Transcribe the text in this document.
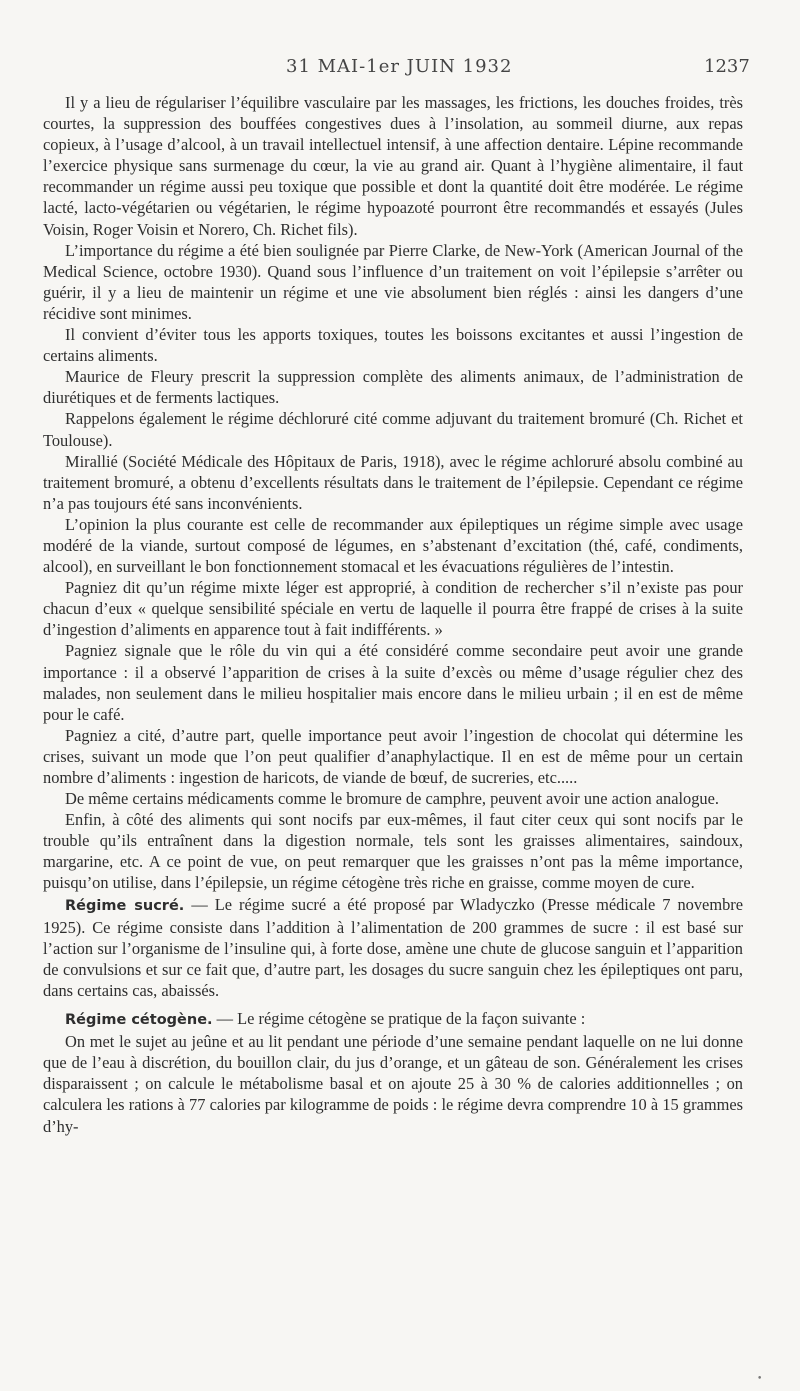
31 MAI-1er JUIN 1932	1237

Il y a lieu de régulariser l’équilibre vasculaire par les massages, les frictions, les douches froides, très courtes, la suppression des bouffées congestives dues à l’insolation, au sommeil diurne, aux repas copieux, à l’usage d’alcool, à un travail intellectuel intensif, à une affection dentaire. Lépine recommande l’exercice physique sans surmenage du cœur, la vie au grand air. Quant à l’hygiène alimentaire, il faut recommander un régime aussi peu toxique que possible et dont la quantité doit être modérée. Le régime lacté, lacto-végétarien ou végétarien, le régime hypoazoté pourront être recommandés et essayés (Jules Voisin, Roger Voisin et Norero, Ch. Richet fils).

L’importance du régime a été bien soulignée par Pierre Clarke, de New-York (American Journal of the Medical Science, octobre 1930). Quand sous l’influence d’un traitement on voit l’épilepsie s’arrêter ou guérir, il y a lieu de maintenir un régime et une vie absolument bien réglés : ainsi les dangers d’une récidive sont minimes.

Il convient d’éviter tous les apports toxiques, toutes les boissons excitantes et aussi l’ingestion de certains aliments.

Maurice de Fleury prescrit la suppression complète des aliments animaux, de l’administration de diurétiques et de ferments lactiques.

Rappelons également le régime déchloruré cité comme adjuvant du traitement bromuré (Ch. Richet et Toulouse).

Mirallié (Société Médicale des Hôpitaux de Paris, 1918), avec le régime achloruré absolu combiné au traitement bromuré, a obtenu d’excellents résultats dans le traitement de l’épilepsie. Cependant ce régime n’a pas toujours été sans inconvénients.

L’opinion la plus courante est celle de recommander aux épileptiques un régime simple avec usage modéré de la viande, surtout composé de légumes, en s’abstenant d’excitation (thé, café, condiments, alcool), en surveillant le bon fonctionnement stomacal et les évacuations régulières de l’intestin.

Pagniez dit qu’un régime mixte léger est approprié, à condition de rechercher s’il n’existe pas pour chacun d’eux « quelque sensibilité spéciale en vertu de laquelle il pourra être frappé de crises à la suite d’ingestion d’aliments en apparence tout à fait indifférents. »

Pagniez signale que le rôle du vin qui a été considéré comme secondaire peut avoir une grande importance : il a observé l’apparition de crises à la suite d’excès ou même d’usage régulier chez des malades, non seulement dans le milieu hospitalier mais encore dans le milieu urbain ; il en est de même pour le café.

Pagniez a cité, d’autre part, quelle importance peut avoir l’ingestion de chocolat qui détermine les crises, suivant un mode que l’on peut qualifier d’anaphylactique. Il en est de même pour un certain nombre d’aliments : ingestion de haricots, de viande de bœuf, de sucreries, etc.....

De même certains médicaments comme le bromure de camphre, peuvent avoir une action analogue.

Enfin, à côté des aliments qui sont nocifs par eux-mêmes, il faut citer ceux qui sont nocifs par le trouble qu’ils entraînent dans la digestion normale, tels sont les graisses alimentaires, saindoux, margarine, etc. A ce point de vue, on peut remarquer que les graisses n’ont pas la même importance, puisqu’on utilise, dans l’épilepsie, un régime cétogène très riche en graisse, comme moyen de cure.

Régime sucré. — Le régime sucré a été proposé par Wladyczko (Presse médicale 7 novembre 1925). Ce régime consiste dans l’addition à l’alimentation de 200 grammes de sucre : il est basé sur l’action sur l’organisme de l’insuline qui, à forte dose, amène une chute de glucose sanguin et l’apparition de convulsions et sur ce fait que, d’autre part, les dosages du sucre sanguin chez les épileptiques ont paru, dans certains cas, abaissés.

Régime cétogène. — Le régime cétogène se pratique de la façon suivante :

On met le sujet au jeûne et au lit pendant une période d’une semaine pendant laquelle on ne lui donne que de l’eau à discrétion, du bouillon clair, du jus d’orange, et un gâteau de son. Généralement les crises disparaissent ; on calcule le métabolisme basal et on ajoute 25 à 30 % de calories additionnelles ; on calculera les rations à 77 calories par kilogramme de poids : le régime devra comprendre 10 à 15 grammes d’hy-

•
